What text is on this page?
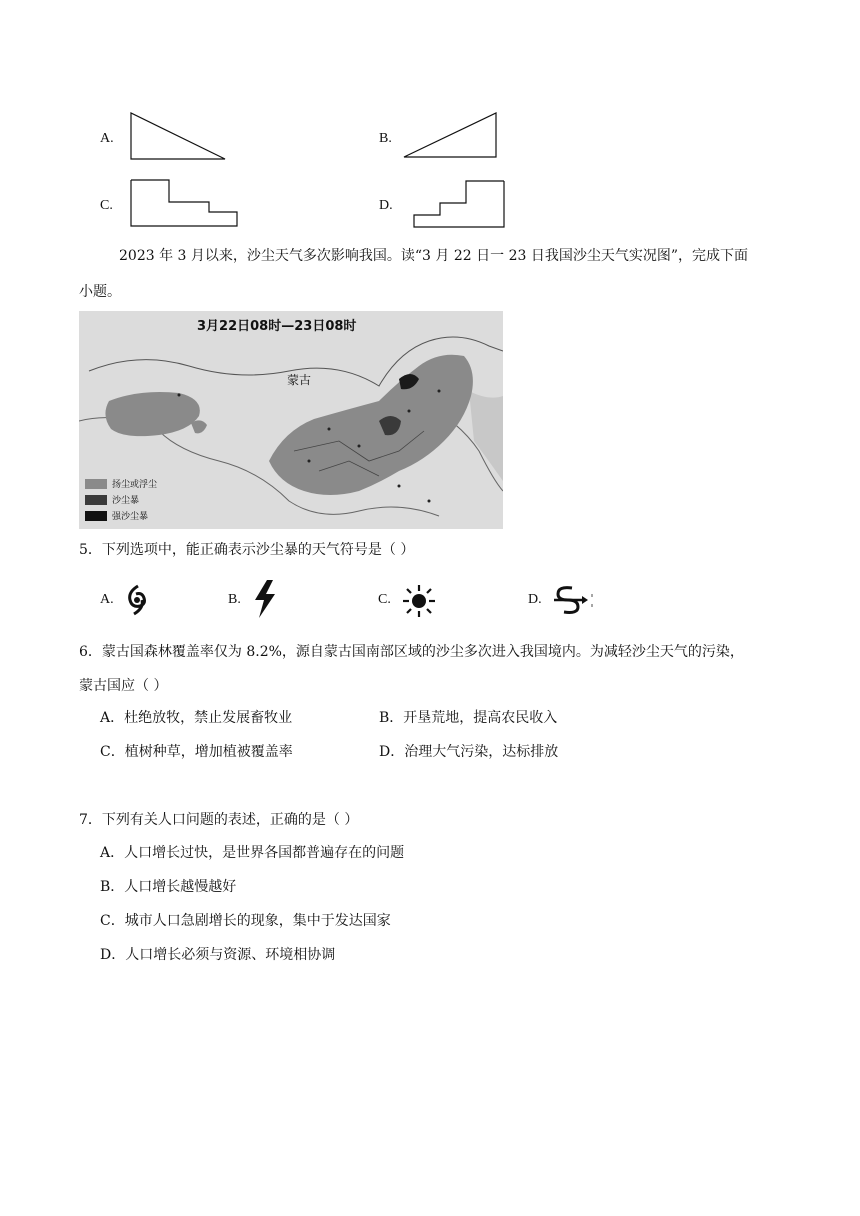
A.	B.
C.	D.
2023 年 3 月以来，沙尘天气多次影响我国。读“3 月 22 日一 23 日我国沙尘天气实况图”，完成下面
小题。
3月22日08时—23日08时
蒙古
扬尘或浮尘
沙尘暴
强沙尘暴
5．下列选项中，能正确表示沙尘暴的天气符号是（ ）
A.	B.	C.	D.
6．蒙古国森林覆盖率仅为 8.2%，源自蒙古国南部区域的沙尘多次进入我国境内。为减轻沙尘天气的污染，
蒙古国应（ ）
A．杜绝放牧，禁止发展畜牧业	B．开垦荒地，提高农民收入
C．植树种草，增加植被覆盖率	D．治理大气污染，达标排放
7．下列有关人口问题的表述，正确的是（ ）
A．人口增长过快，是世界各国都普遍存在的问题
B．人口增长越慢越好
C．城市人口急剧增长的现象，集中于发达国家
D．人口增长必须与资源、环境相协调
